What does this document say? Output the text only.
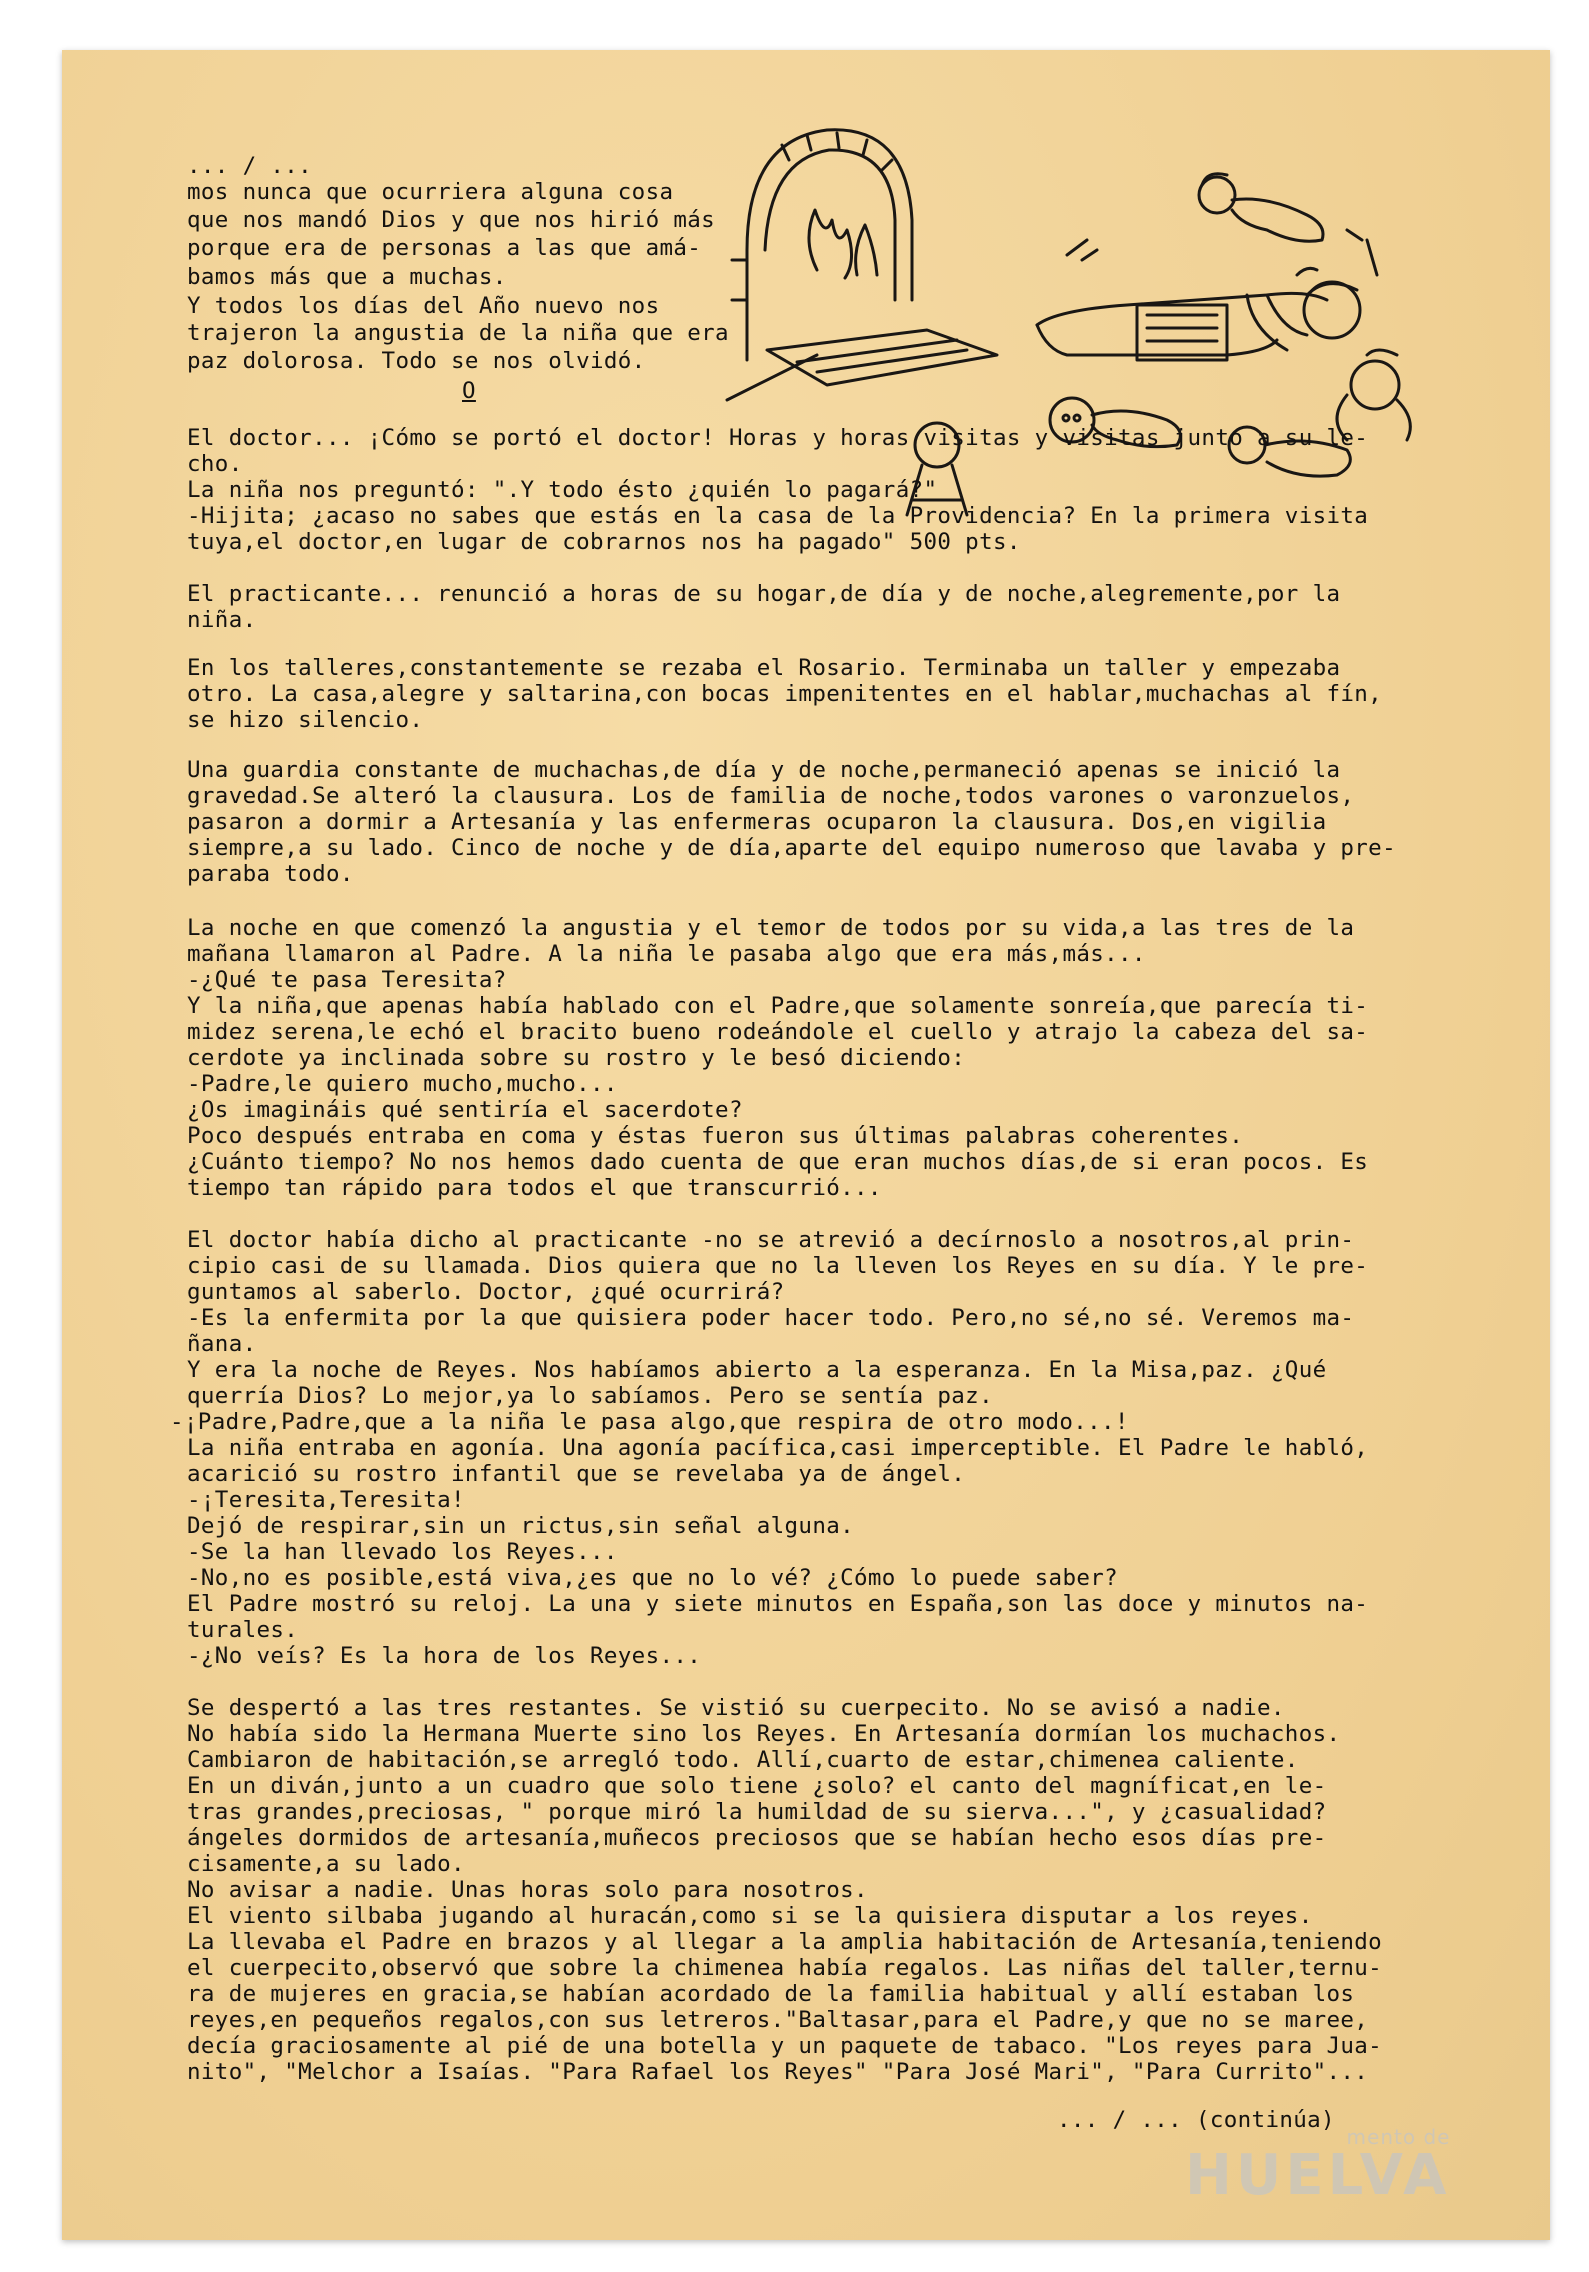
... / ...
mos nunca que ocurriera alguna cosa
que nos mandó Dios y que nos hirió más
porque era de personas a las que amá-
bamos más que a muchas.
Y todos los días del Año nuevo nos
trajeron la angustia de la niña que era
paz dolorosa. Todo se nos olvidó.
O
El doctor... ¡Cómo se portó el doctor! Horas y horas visitas y visitas junto a su le-
cho.
La niña nos preguntó: ".Y todo ésto ¿quién lo pagará?"
-Hijita; ¿acaso no sabes que estás en la casa de la Providencia? En la primera visita
tuya,el doctor,en lugar de cobrarnos nos ha pagado" 500 pts.
El practicante... renunció a horas de su hogar,de día y de noche,alegremente,por la
niña.
En los talleres,constantemente se rezaba el Rosario. Terminaba un taller y empezaba
otro. La casa,alegre y saltarina,con bocas impenitentes en el hablar,muchachas al fín,
se hizo silencio.
Una guardia constante de muchachas,de día y de noche,permaneció apenas se inició la
gravedad.Se alteró la clausura. Los de familia de noche,todos varones o varonzuelos,
pasaron a dormir a Artesanía y las enfermeras ocuparon la clausura. Dos,en vigilia
siempre,a su lado. Cinco de noche y de día,aparte del equipo numeroso que lavaba y pre-
paraba todo.
La noche en que comenzó la angustia y el temor de todos por su vida,a las tres de la
mañana llamaron al Padre. A la niña le pasaba algo que era más,más...
-¿Qué te pasa Teresita?
Y la niña,que apenas había hablado con el Padre,que solamente sonreía,que parecía ti-
midez serena,le echó el bracito bueno rodeándole el cuello y atrajo la cabeza del sa-
cerdote ya inclinada sobre su rostro y le besó diciendo:
-Padre,le quiero mucho,mucho...
¿Os imagináis qué sentiría el sacerdote?
Poco después entraba en coma y éstas fueron sus últimas palabras coherentes.
¿Cuánto tiempo? No nos hemos dado cuenta de que eran muchos días,de si eran pocos. Es
tiempo tan rápido para todos el que transcurrió...
El doctor había dicho al practicante -no se atrevió a decírnoslo a nosotros,al prin-
cipio casi de su llamada. Dios quiera que no la lleven los Reyes en su día. Y le pre-
guntamos al saberlo. Doctor, ¿qué ocurrirá?
-Es la enfermita por la que quisiera poder hacer todo. Pero,no sé,no sé. Veremos ma-
ñana.
Y era la noche de Reyes. Nos habíamos abierto a la esperanza. En la Misa,paz. ¿Qué
querría Dios? Lo mejor,ya lo sabíamos. Pero se sentía paz.
-¡Padre,Padre,que a la niña le pasa algo,que respira de otro modo...!
La niña entraba en agonía. Una agonía pacífica,casi imperceptible. El Padre le habló,
acarició su rostro infantil que se revelaba ya de ángel.
-¡Teresita,Teresita!
Dejó de respirar,sin un rictus,sin señal alguna.
-Se la han llevado los Reyes...
-No,no es posible,está viva,¿es que no lo vé? ¿Cómo lo puede saber?
El Padre mostró su reloj. La una y siete minutos en España,son las doce y minutos na-
turales.
-¿No veís? Es la hora de los Reyes...
Se despertó a las tres restantes. Se vistió su cuerpecito. No se avisó a nadie.
No había sido la Hermana Muerte sino los Reyes. En Artesanía dormían los muchachos.
Cambiaron de habitación,se arregló todo. Allí,cuarto de estar,chimenea caliente.
En un diván,junto a un cuadro que solo tiene ¿solo? el canto del magníficat,en le-
tras grandes,preciosas, " porque miró la humildad de su sierva...", y ¿casualidad?
ángeles dormidos de artesanía,muñecos preciosos que se habían hecho esos días pre-
cisamente,a su lado.
No avisar a nadie. Unas horas solo para nosotros.
El viento silbaba jugando al huracán,como si se la quisiera disputar a los reyes.
La llevaba el Padre en brazos y al llegar a la amplia habitación de Artesanía,teniendo
el cuerpecito,observó que sobre la chimenea había regalos. Las niñas del taller,ternu-
ra de mujeres en gracia,se habían acordado de la familia habitual y allí estaban los
reyes,en pequeños regalos,con sus letreros."Baltasar,para el Padre,y que no se maree,
decía graciosamente al pié de una botella y un paquete de tabaco. "Los reyes para Jua-
nito", "Melchor a Isaías. "Para Rafael los Reyes" "Para José Mari", "Para Currito"...
... / ... (continúa)
mento de
HUELVA
